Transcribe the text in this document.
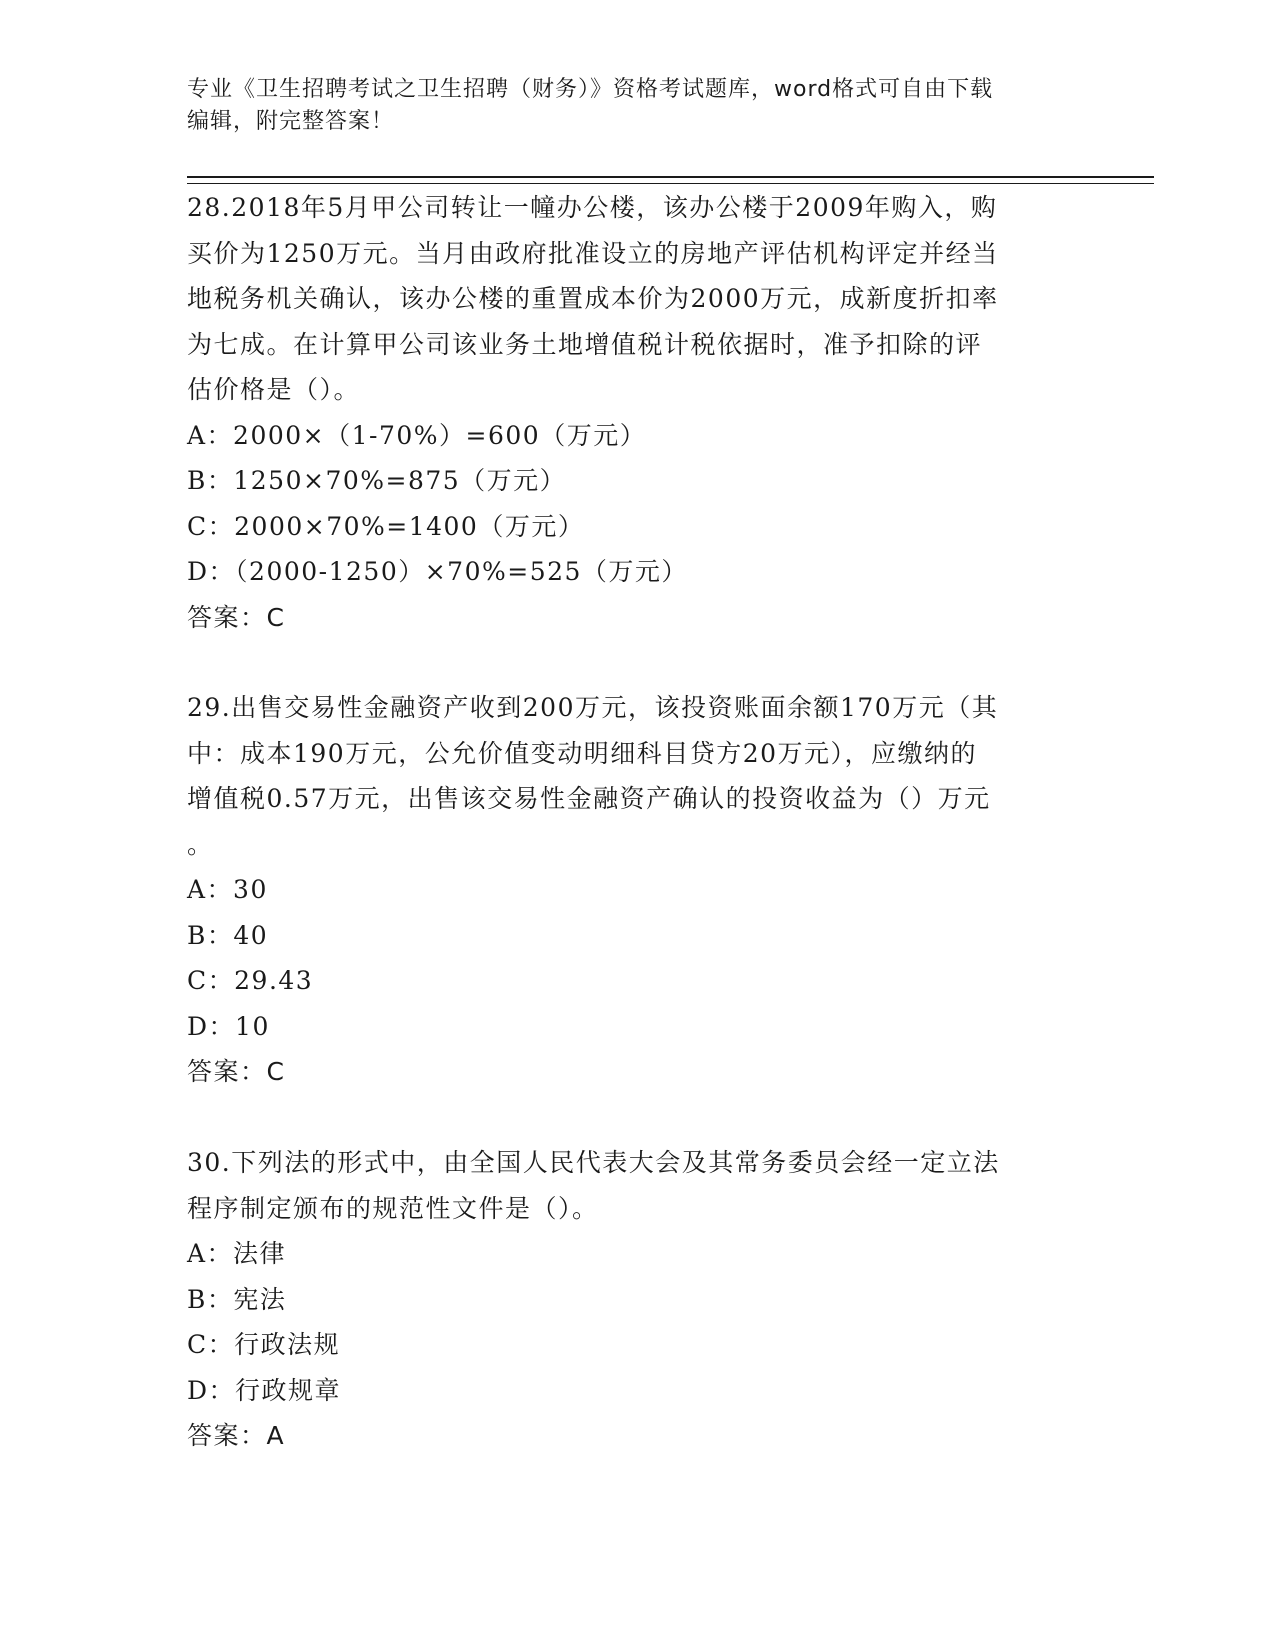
专业《卫生招聘考试之卫生招聘（财务）》资格考试题库，word格式可自由下载
编辑，附完整答案！
28.2018年5月甲公司转让一幢办公楼，该办公楼于2009年购入，购
买价为1250万元。当月由政府批准设立的房地产评估机构评定并经当
地税务机关确认，该办公楼的重置成本价为2000万元，成新度折扣率
为七成。在计算甲公司该业务土地增值税计税依据时，准予扣除的评
估价格是（）。
A：2000×（1-70%）=600（万元）
B：1250×70%=875（万元）
C：2000×70%=1400（万元）
D：（2000-1250）×70%=525（万元）
答案：C
29.出售交易性金融资产收到200万元，该投资账面余额170万元（其
中：成本190万元，公允价值变动明细科目贷方20万元），应缴纳的
增值税0.57万元，出售该交易性金融资产确认的投资收益为（）万元
。
A：30
B：40
C：29.43
D：10
答案：C
30.下列法的形式中，由全国人民代表大会及其常务委员会经一定立法
程序制定颁布的规范性文件是（）。
A：法律
B：宪法
C：行政法规
D：行政规章
答案：A
